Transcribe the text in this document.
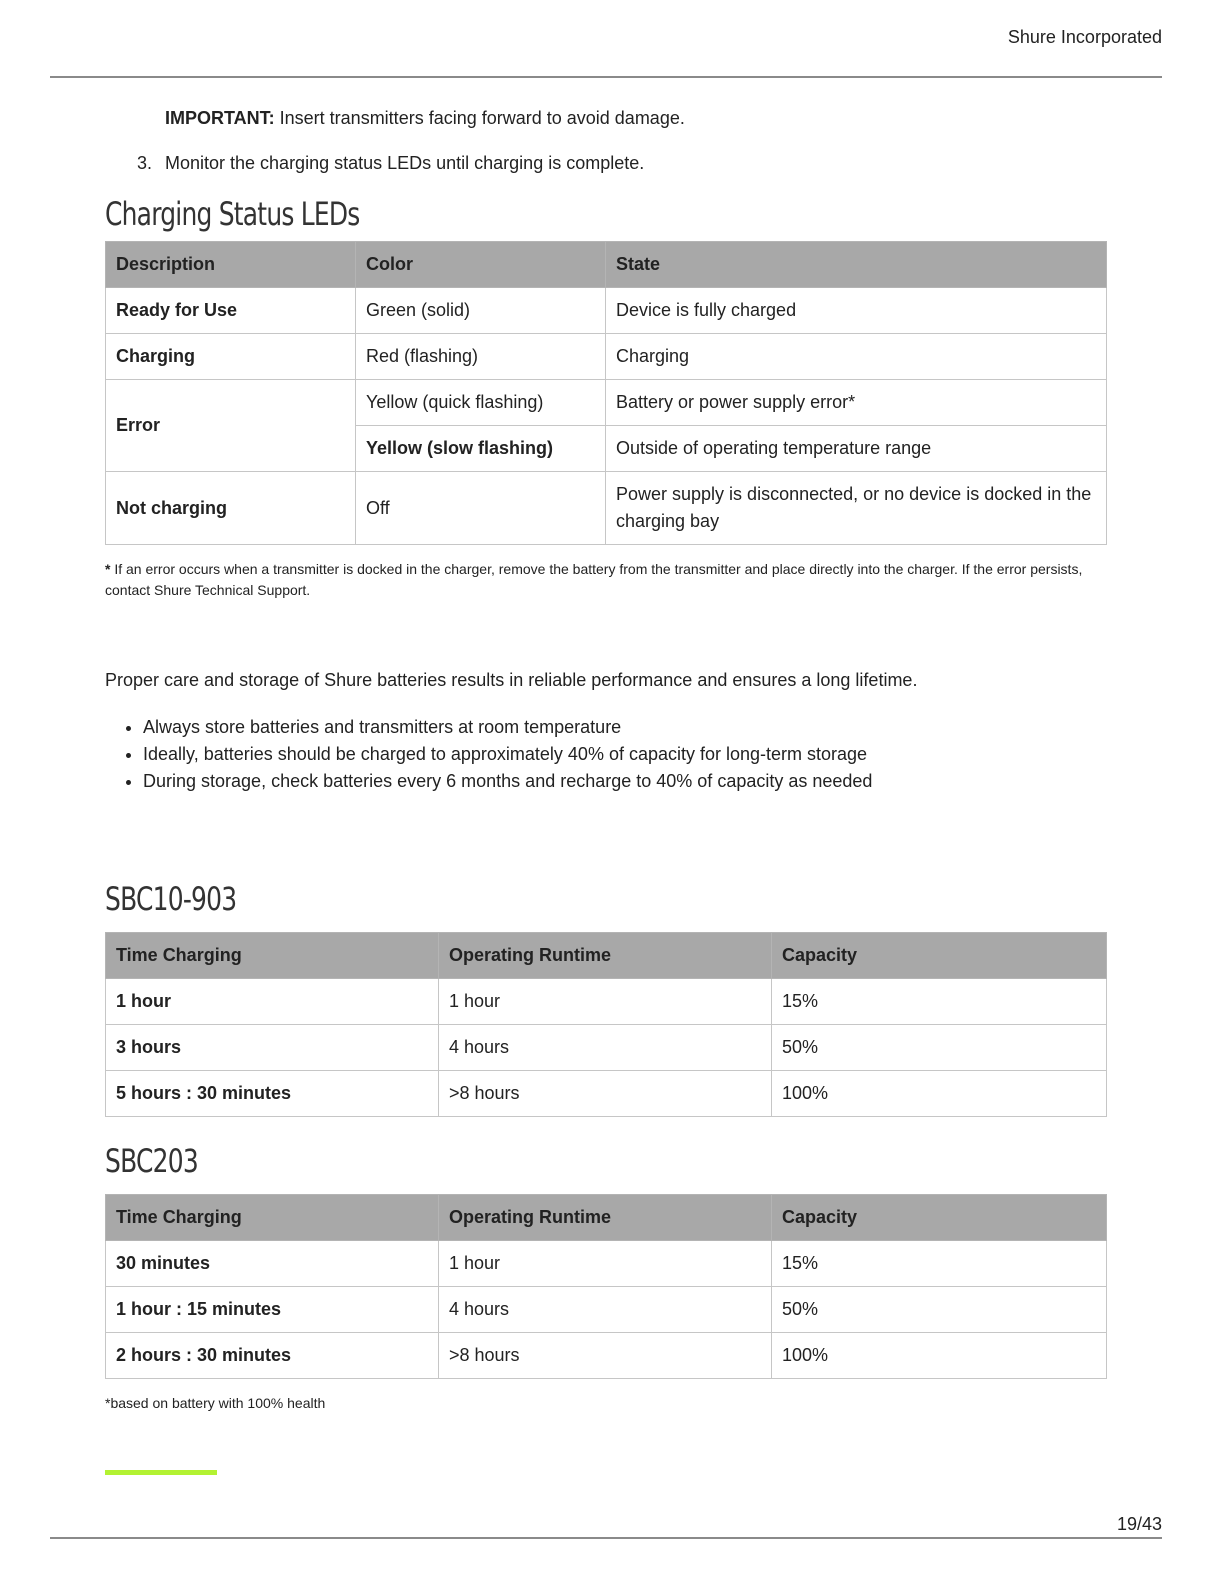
Shure Incorporated
IMPORTANT: Insert transmitters facing forward to avoid damage.
3. Monitor the charging status LEDs until charging is complete.
Charging Status LEDs
Description	Color	State
Ready for Use	Green (solid)	Device is fully charged
Charging	Red (flashing)	Charging
Error	Yellow (quick flashing)	Battery or power supply error*
	Yellow (slow flashing)	Outside of operating temperature range
Not charging	Off	Power supply is disconnected, or no device is docked in the charging bay
* If an error occurs when a transmitter is docked in the charger, remove the battery from the transmitter and place directly into the charger. If the error persists, contact Shure Technical Support.
Proper care and storage of Shure batteries results in reliable performance and ensures a long lifetime.
• Always store batteries and transmitters at room temperature
• Ideally, batteries should be charged to approximately 40% of capacity for long-term storage
• During storage, check batteries every 6 months and recharge to 40% of capacity as needed
SBC10-903
Time Charging	Operating Runtime	Capacity
1 hour	1 hour	15%
3 hours	4 hours	50%
5 hours : 30 minutes	>8 hours	100%
SBC203
Time Charging	Operating Runtime	Capacity
30 minutes	1 hour	15%
1 hour : 15 minutes	4 hours	50%
2 hours : 30 minutes	>8 hours	100%
*based on battery with 100% health
19/43
